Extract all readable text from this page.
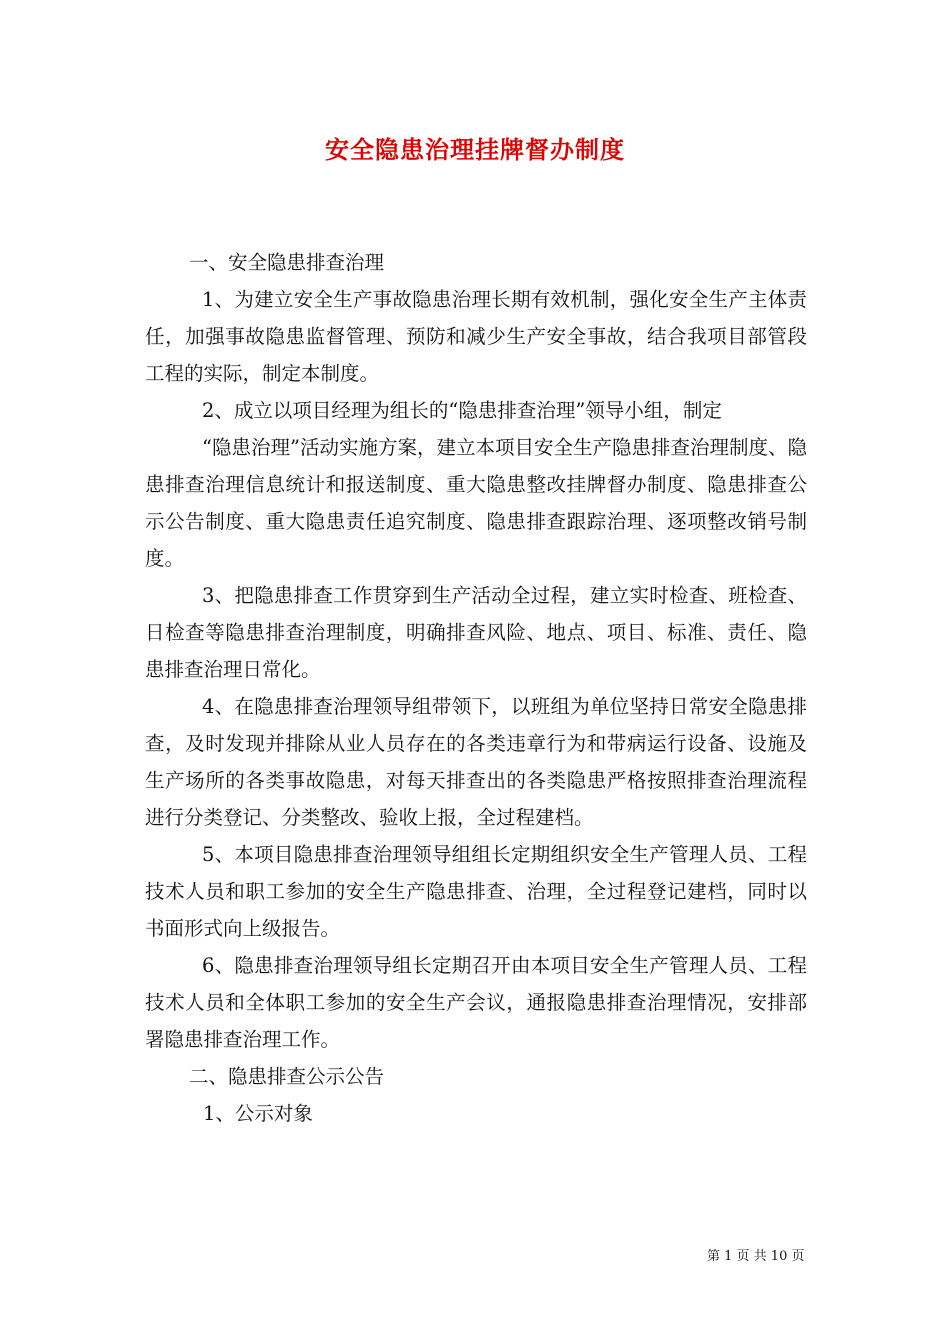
安全隐患治理挂牌督办制度

一、安全隐患排查治理

1、为建立安全生产事故隐患治理长期有效机制，强化安全生产主体责任，加强事故隐患监督管理、预防和减少生产安全事故，结合我项目部管段工程的实际，制定本制度。

2、成立以项目经理为组长的“隐患排查治理”领导小组，制定

“隐患治理”活动实施方案，建立本项目安全生产隐患排查治理制度、隐患排查治理信息统计和报送制度、重大隐患整改挂牌督办制度、隐患排查公示公告制度、重大隐患责任追究制度、隐患排查跟踪治理、逐项整改销号制度。

3、把隐患排查工作贯穿到生产活动全过程，建立实时检查、班检查、日检查等隐患排查治理制度，明确排查风险、地点、项目、标准、责任、隐患排查治理日常化。

4、在隐患排查治理领导组带领下，以班组为单位坚持日常安全隐患排查，及时发现并排除从业人员存在的各类违章行为和带病运行设备、设施及生产场所的各类事故隐患，对每天排查出的各类隐患严格按照排查治理流程进行分类登记、分类整改、验收上报，全过程建档。

5、本项目隐患排查治理领导组组长定期组织安全生产管理人员、工程技术人员和职工参加的安全生产隐患排查、治理，全过程登记建档，同时以书面形式向上级报告。

6、隐患排查治理领导组长定期召开由本项目安全生产管理人员、工程技术人员和全体职工参加的安全生产会议，通报隐患排查治理情况，安排部署隐患排查治理工作。

二、隐患排查公示公告

1、公示对象

第 1 页 共 10 页
